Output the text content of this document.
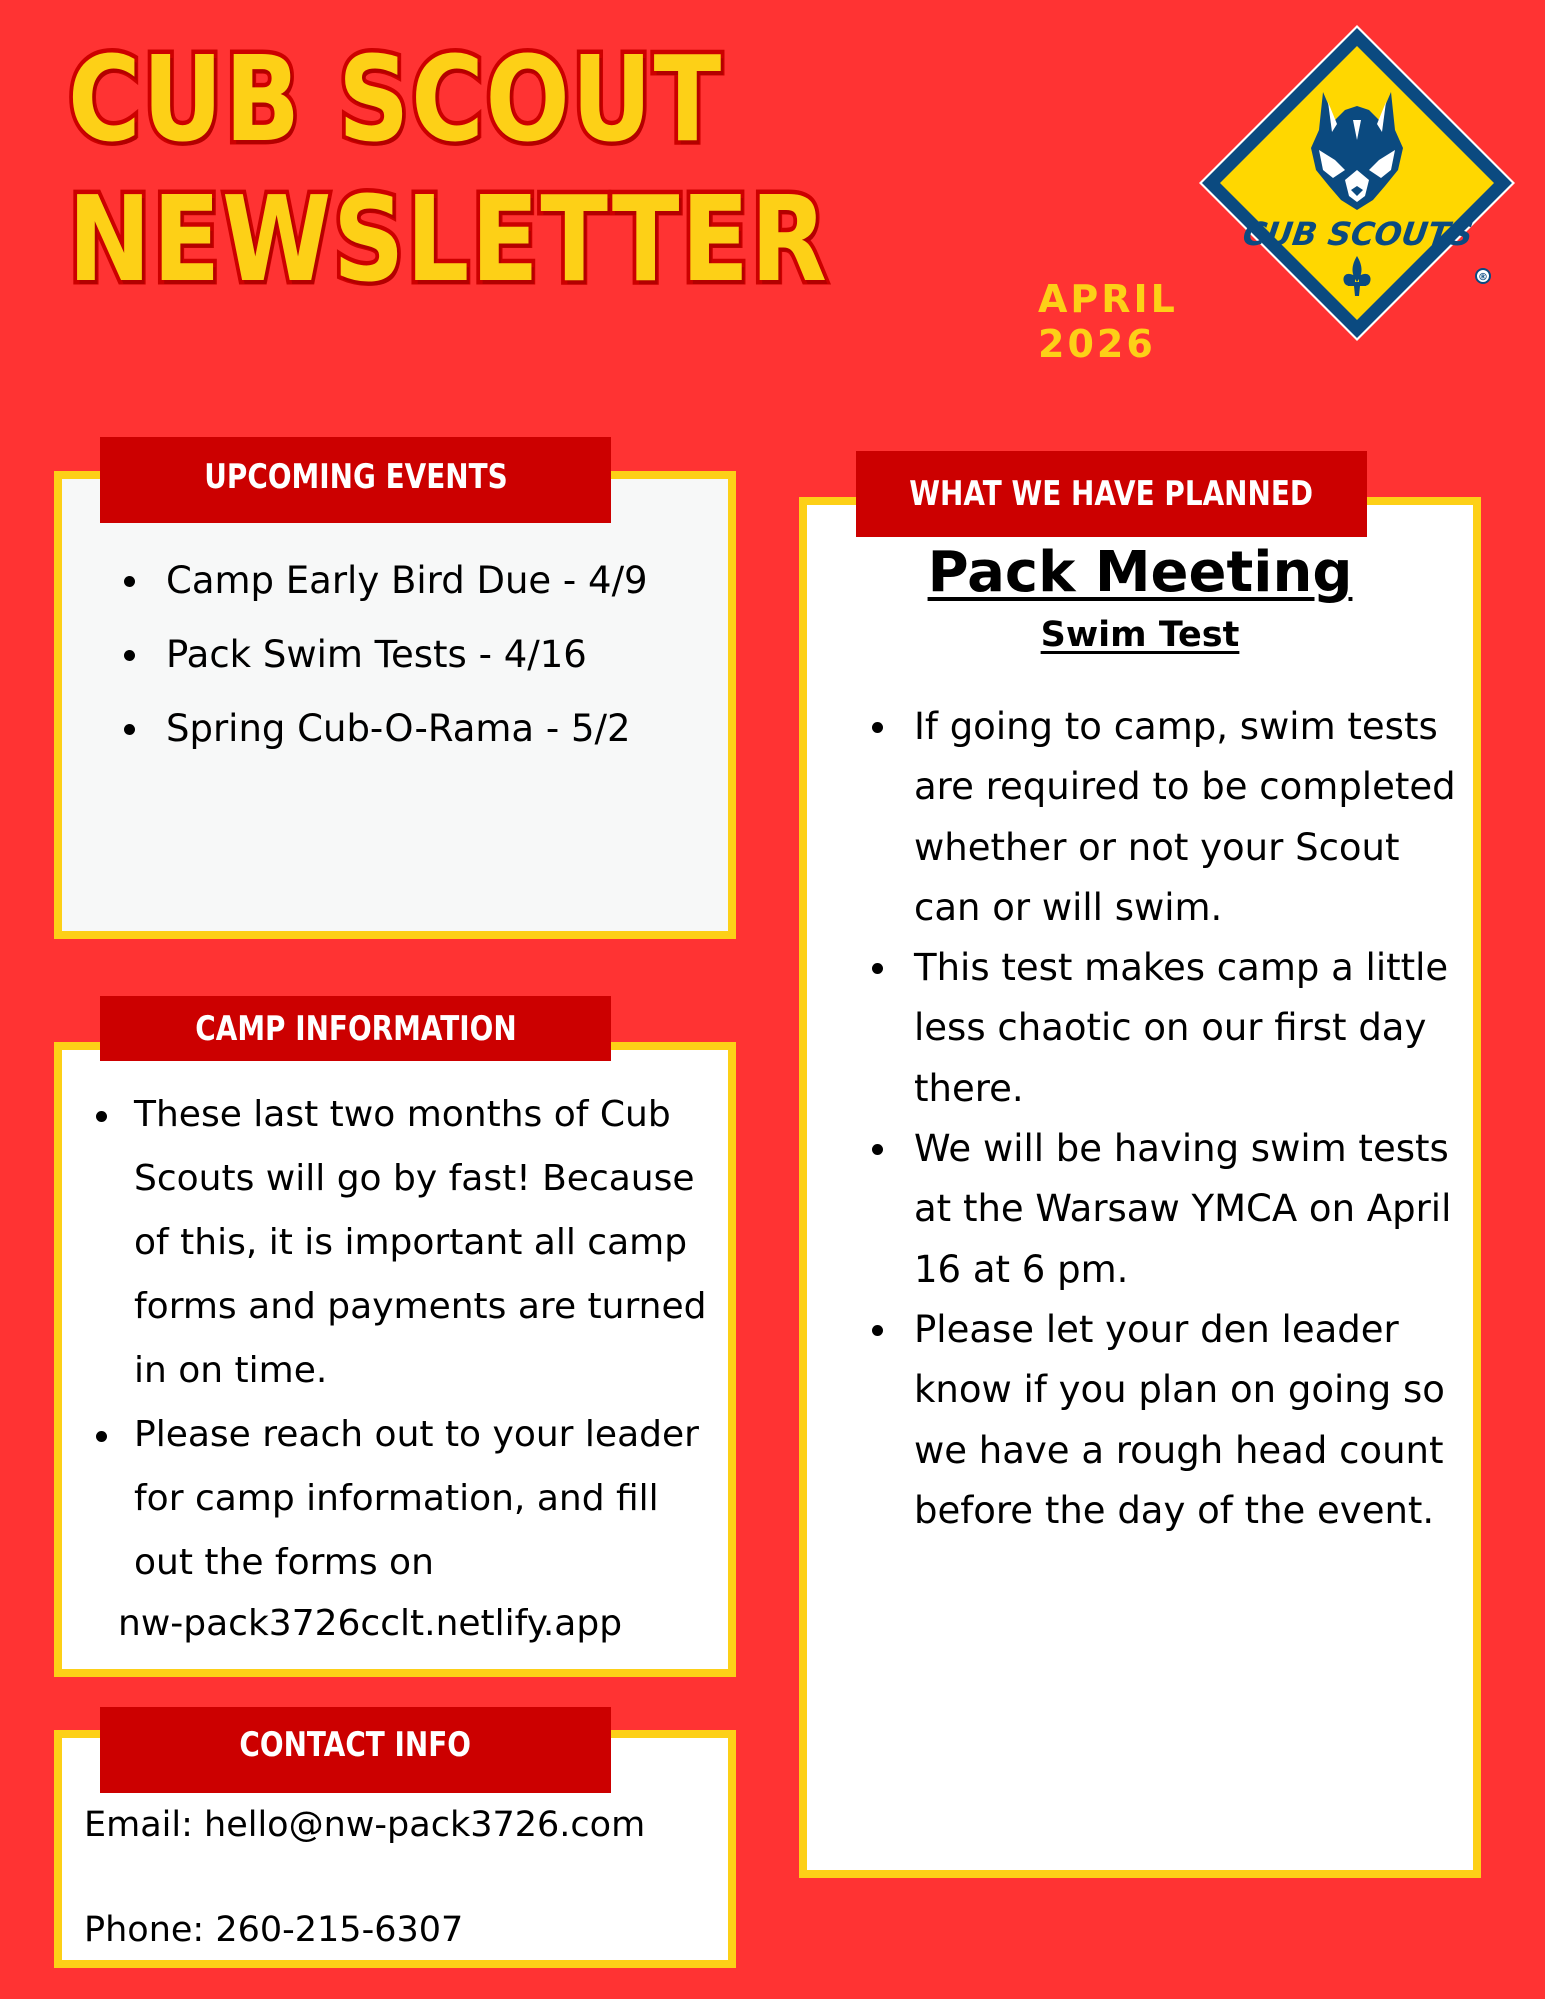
CUB SCOUT
NEWSLETTER	APRIL
2026
CUB SCOUTS
®
UPCOMING EVENTS
Camp Early Bird Due - 4/9
Pack Swim Tests - 4/16
Spring Cub-O-Rama - 5/2
CAMP INFORMATION
These last two months of Cub Scouts will go by fast! Because of this, it is important all camp forms and payments are turned in on time.
Please reach out to your leader for camp information, and fill out the forms on
nw-pack3726cclt.netlify.app
CONTACT INFO
Email: hello@nw-pack3726.com
Phone: 260-215-6307
WHAT WE HAVE PLANNED
Pack Meeting
Swim Test
If going to camp, swim tests are required to be completed whether or not your Scout can or will swim.
This test makes camp a little less chaotic on our first day there.
We will be having swim tests at the Warsaw YMCA on April 16 at 6 pm.
Please let your den leader know if you plan on going so we have a rough head count before the day of the event.
